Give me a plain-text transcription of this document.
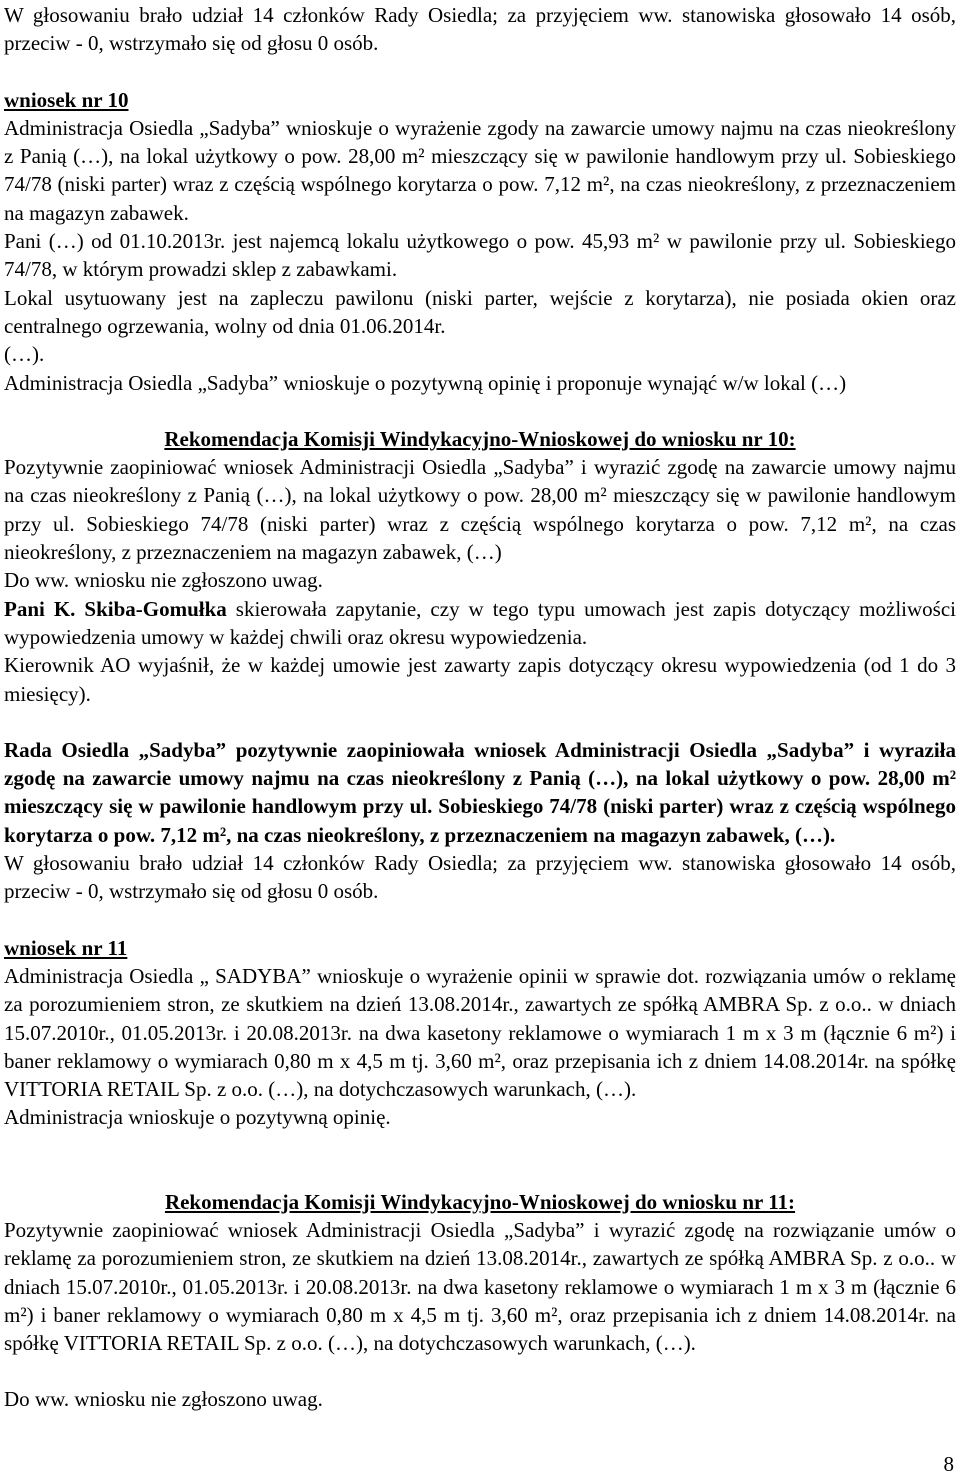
W głosowaniu brało udział 14 członków Rady Osiedla; za przyjęciem ww. stanowiska głosowało 14 osób, przeciw - 0, wstrzymało się od głosu 0 osób.

wniosek nr 10

Administracja Osiedla „Sadyba” wnioskuje o wyrażenie zgody na zawarcie umowy najmu na czas nieokreślony z Panią (…), na lokal użytkowy o pow. 28,00 m² mieszczący się w pawilonie handlowym przy ul. Sobieskiego 74/78 (niski parter) wraz z częścią wspólnego korytarza o pow. 7,12 m², na czas nieokreślony, z przeznaczeniem na magazyn zabawek.

Pani (…) od 01.10.2013r. jest najemcą lokalu użytkowego o pow. 45,93 m² w pawilonie przy ul. Sobieskiego 74/78, w którym prowadzi sklep z zabawkami.

Lokal usytuowany jest na zapleczu pawilonu (niski parter, wejście z korytarza), nie posiada okien oraz centralnego ogrzewania, wolny od dnia 01.06.2014r.

(…).

Administracja Osiedla „Sadyba” wnioskuje o pozytywną opinię i proponuje wynająć w/w lokal (…)

Rekomendacja Komisji Windykacyjno-Wnioskowej do wniosku nr 10:

Pozytywnie zaopiniować wniosek Administracji Osiedla „Sadyba” i wyrazić zgodę na zawarcie umowy najmu na czas nieokreślony z Panią (…), na lokal użytkowy o pow. 28,00 m² mieszczący się w pawilonie handlowym przy ul. Sobieskiego 74/78 (niski parter) wraz z częścią wspólnego korytarza o pow. 7,12 m², na czas nieokreślony, z przeznaczeniem na magazyn zabawek, (…)

Do ww. wniosku nie zgłoszono uwag.

Pani K. Skiba-Gomułka skierowała zapytanie, czy w tego typu umowach jest zapis dotyczący możliwości wypowiedzenia umowy w każdej chwili oraz okresu wypowiedzenia.

Kierownik AO wyjaśnił, że w każdej umowie jest zawarty zapis dotyczący okresu wypowiedzenia (od 1 do 3 miesięcy).

Rada Osiedla „Sadyba” pozytywnie zaopiniowała wniosek Administracji Osiedla „Sadyba” i wyraziła zgodę na zawarcie umowy najmu na czas nieokreślony z Panią (…), na lokal użytkowy o pow. 28,00 m² mieszczący się w pawilonie handlowym przy ul. Sobieskiego 74/78 (niski parter) wraz z częścią wspólnego korytarza o pow. 7,12 m², na czas nieokreślony, z przeznaczeniem na magazyn zabawek, (…).

W głosowaniu brało udział 14 członków Rady Osiedla; za przyjęciem ww. stanowiska głosowało 14 osób, przeciw - 0, wstrzymało się od głosu 0 osób.

wniosek nr 11

Administracja Osiedla „ SADYBA” wnioskuje o wyrażenie opinii w sprawie dot. rozwiązania umów o reklamę za porozumieniem stron, ze skutkiem na dzień 13.08.2014r., zawartych ze spółką AMBRA Sp. z o.o.. w dniach 15.07.2010r., 01.05.2013r. i 20.08.2013r. na dwa kasetony reklamowe o wymiarach 1 m x 3 m (łącznie 6 m²) i baner reklamowy o wymiarach 0,80 m x 4,5 m tj. 3,60 m², oraz przepisania ich z dniem 14.08.2014r. na spółkę VITTORIA RETAIL Sp. z o.o. (…), na dotychczasowych warunkach, (…).

Administracja wnioskuje o pozytywną opinię.

Rekomendacja Komisji Windykacyjno-Wnioskowej do wniosku nr 11:

Pozytywnie zaopiniować wniosek Administracji Osiedla „Sadyba” i wyrazić zgodę na rozwiązanie umów o reklamę za porozumieniem stron, ze skutkiem na dzień 13.08.2014r., zawartych ze spółką AMBRA Sp. z o.o.. w dniach 15.07.2010r., 01.05.2013r. i 20.08.2013r. na dwa kasetony reklamowe o wymiarach 1 m x 3 m (łącznie 6 m²) i baner reklamowy o wymiarach 0,80 m x 4,5 m tj. 3,60 m², oraz przepisania ich z dniem 14.08.2014r. na spółkę VITTORIA RETAIL Sp. z o.o. (…), na dotychczasowych warunkach, (…).

Do ww. wniosku nie zgłoszono uwag.

8
